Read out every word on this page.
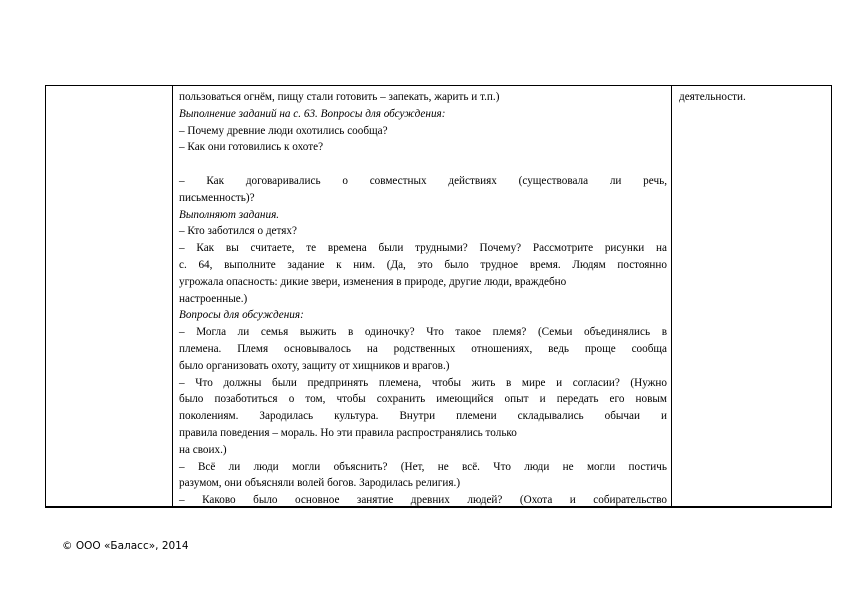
пользоваться огнём, пищу стали готовить – запекать, жарить и т.п.)
Выполнение заданий на с. 63. Вопросы для обсуждения:
– Почему древние люди охотились сообща?
– Как они готовились к охоте?
– Как договаривались о совместных действиях (существовала ли речь,
письменность)?
Выполняют задания.
– Кто заботился о детях?
– Как вы считаете, те времена были трудными? Почему? Рассмотрите рисунки на
с. 64, выполните задание к ним. (Да, это было трудное время. Людям постоянно
угрожала опасность: дикие звери, изменения в природе, другие люди, враждебно
настроенные.)
Вопросы для обсуждения:
– Могла ли семья выжить в одиночку? Что такое племя? (Семьи объединялись в
племена. Племя основывалось на родственных отношениях, ведь проще сообща
было организовать охоту, защиту от хищников и врагов.)
– Что должны были предпринять племена, чтобы жить в мире и согласии? (Нужно
было позаботиться о том, чтобы сохранить имеющийся опыт и передать его новым
поколениям. Зародилась культура. Внутри племени складывались обычаи и
правила поведения – мораль. Но эти правила распространялись только
на своих.)
– Всё ли люди могли объяснить? (Нет, не всё. Что люди не могли постичь
разумом, они объясняли волей богов. Зародилась религия.)
– Каково было основное занятие древних людей? (Охота и собирательство
деятельности.
© ООО «Баласс», 2014
